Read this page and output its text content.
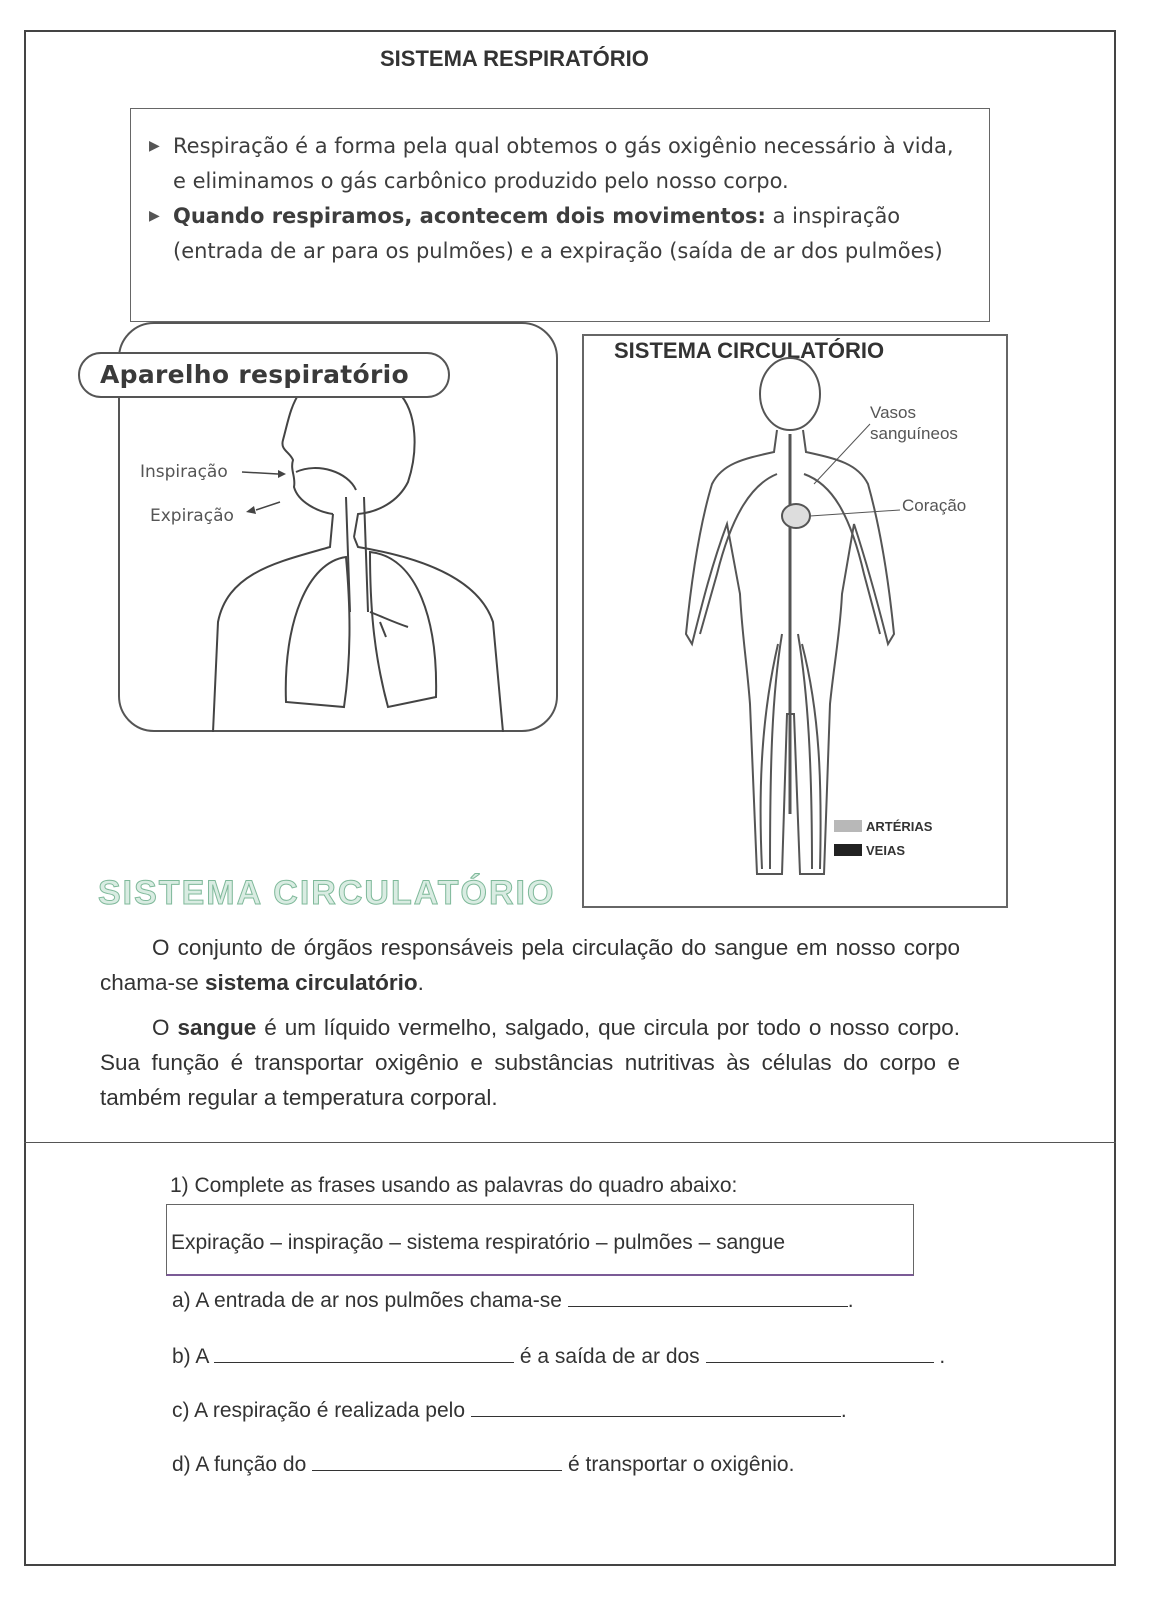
SISTEMA RESPIRATÓRIO
▶ Respiração é a forma pela qual obtemos o gás oxigênio necessário à vida, e eliminamos o gás carbônico produzido pelo nosso corpo.
▶ Quando respiramos, acontecem dois movimentos: a inspiração (entrada de ar para os pulmões) e a expiração (saída de ar dos pulmões)
Aparelho respiratório
Inspiração
Expiração
SISTEMA CIRCULATÓRIO
Vasos
sanguíneos
Coração
ARTÉRIAS
VEIAS
SISTEMA CIRCULATÓRIO

O conjunto de órgãos responsáveis pela circulação do sangue em nosso corpo chama-se sistema circulatório.

O sangue é um líquido vermelho, salgado, que circula por todo o nosso corpo. Sua função é transportar oxigênio e substâncias nutritivas às células do corpo e também regular a temperatura corporal.

1) Complete as frases usando as palavras do quadro abaixo:
Expiração – inspiração – sistema respiratório – pulmões – sangue
a) A entrada de ar nos pulmões chama-se	.
b) A	é a saída de ar dos	.
c) A respiração é realizada pelo	.
d) A função do	é transportar o oxigênio.
